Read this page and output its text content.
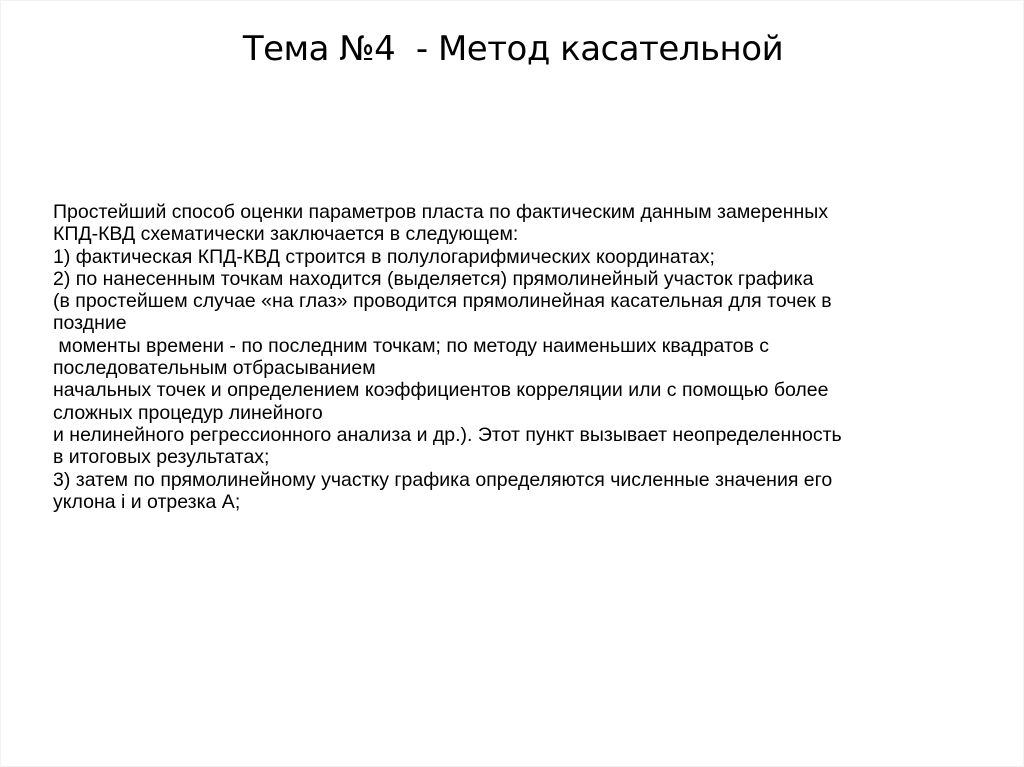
Тема №4  - Метод касательной
Простейший способ оценки параметров пласта по фактическим данным замеренных
КПД-КВД схематически заключается в следующем:
1) фактическая КПД-КВД строится в полулогарифмических координатах;
2) по нанесенным точкам находится (выделяется) прямолинейный участок графика
(в простейшем случае «на глаз» проводится прямолинейная касательная для точек в
поздние
моменты времени - по последним точкам; по методу наименьших квадратов с
последовательным отбрасыванием
начальных точек и определением коэффициентов корреляции или с помощью более
сложных процедур линейного
и нелинейного регрессионного анализа и др.). Этот пункт вызывает неопределенность
в итоговых результатах;
3) затем по прямолинейному участку графика определяются численные значения его
уклона i и отрезка А;
